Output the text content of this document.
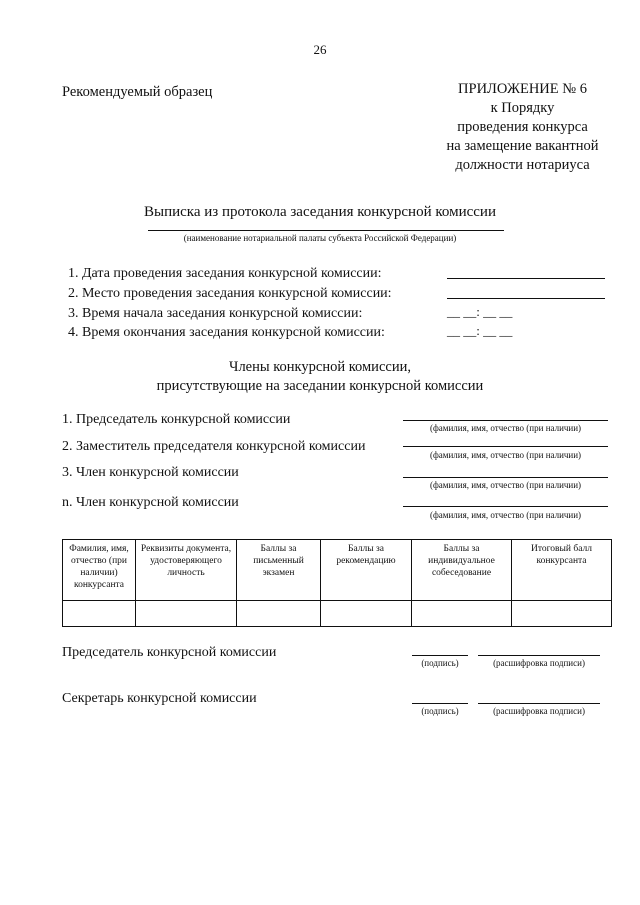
26
Рекомендуемый образец	ПРИЛОЖЕНИЕ № 6
к Порядку
проведения конкурса
на замещение вакантной
должности нотариуса
Выписка из протокола заседания конкурсной комиссии
(наименование нотариальной палаты субъекта Российской Федерации)
1. Дата проведения заседания конкурсной комиссии:
2. Место проведения заседания конкурсной комиссии:
3. Время начала заседания конкурсной комиссии:	__ __: __ __
4. Время окончания заседания конкурсной комиссии:	__ __: __ __
Члены конкурсной комиссии,
присутствующие на заседании конкурсной комиссии
1. Председатель конкурсной комиссии
(фамилия, имя, отчество (при наличии)
2. Заместитель председателя конкурсной комиссии
(фамилия, имя, отчество (при наличии)
3. Член конкурсной комиссии
(фамилия, имя, отчество (при наличии)
n. Член конкурсной комиссии
(фамилия, имя, отчество (при наличии)
Фамилия, имя, отчество (при наличии) конкурсанта	Реквизиты документа, удостоверяющего личность	Баллы за письменный экзамен	Баллы за рекомендацию	Баллы за индивидуальное собеседование	Итоговый балл конкурсанта

Председатель конкурсной комиссии
(подпись)	(расшифровка подписи)
Секретарь конкурсной комиссии
(подпись)	(расшифровка подписи)
